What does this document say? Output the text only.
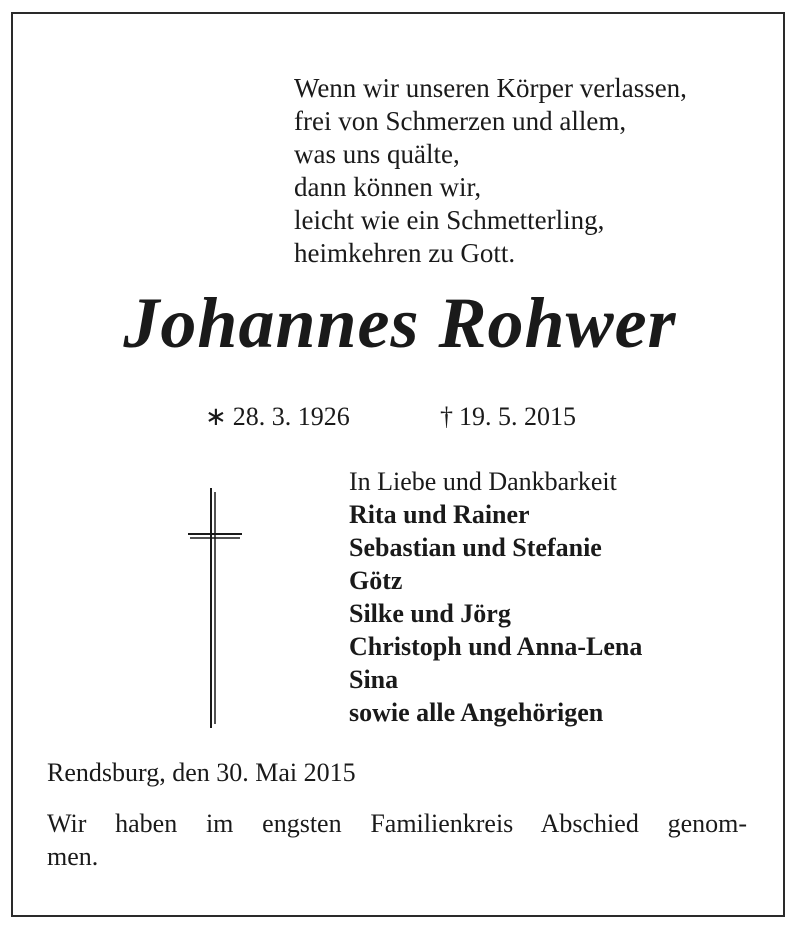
Wenn wir unseren Körper verlassen,
frei von Schmerzen und allem,
was uns quälte,
dann können wir,
leicht wie ein Schmetterling,
heimkehren zu Gott.
Johannes Rohwer
∗ 28. 3. 1926	† 19. 5. 2015
In Liebe und Dankbarkeit
Rita und Rainer
Sebastian und Stefanie
Götz
Silke und Jörg
Christoph und Anna-Lena
Sina
sowie alle Angehörigen
Rendsburg, den 30. Mai 2015
Wir haben im engsten Familienkreis Abschied genom-
men.
